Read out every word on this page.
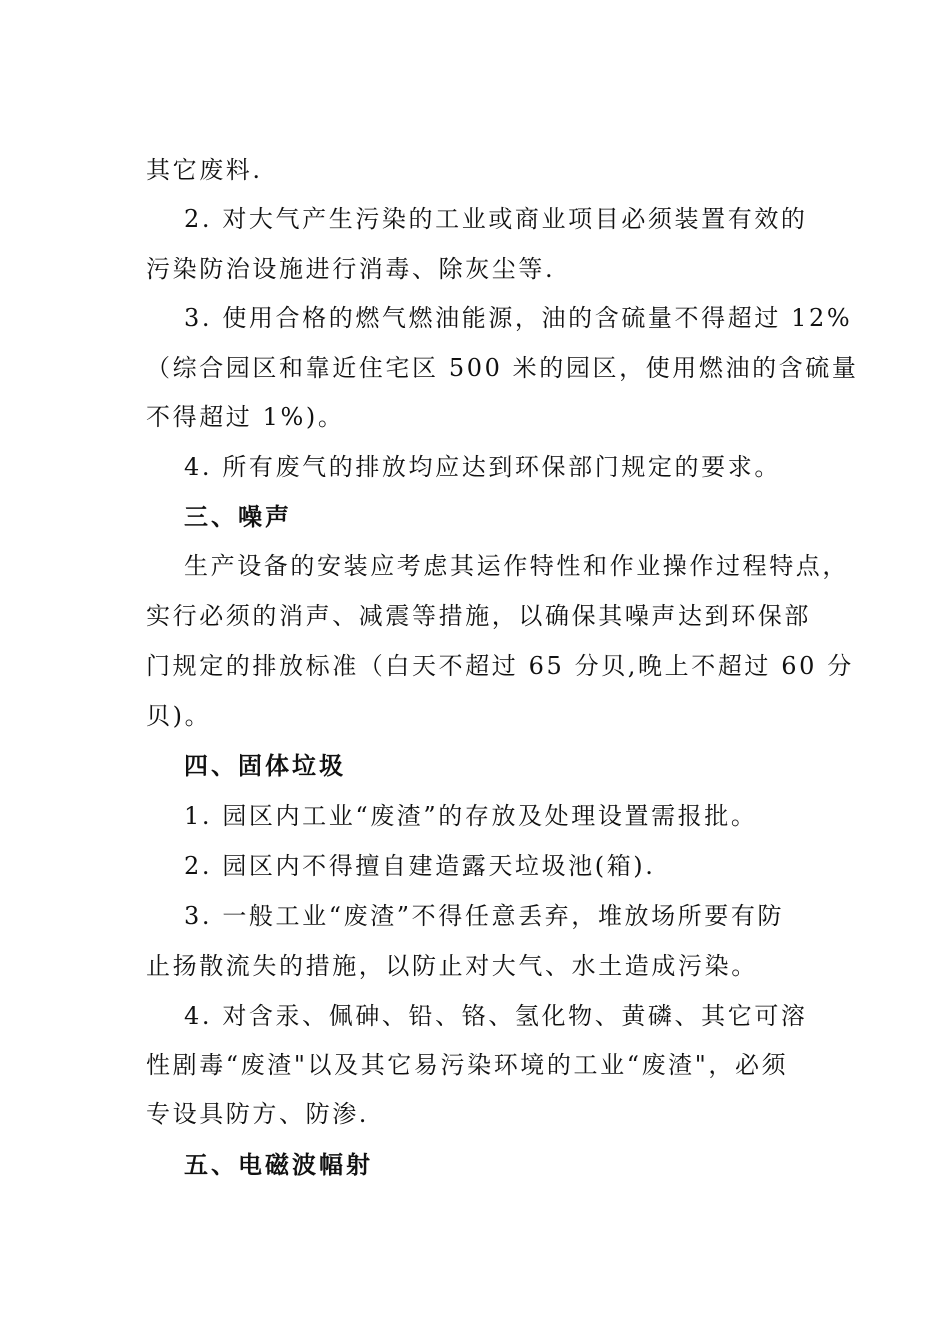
其它废料.
2. 对大气产生污染的工业或商业项目必须装置有效的
污染防治设施进行消毒、除灰尘等.
3. 使用合格的燃气燃油能源，油的含硫量不得超过 12%
（综合园区和靠近住宅区 500 米的园区，使用燃油的含硫量
不得超过 1%)。
4. 所有废气的排放均应达到环保部门规定的要求。
三、噪声
生产设备的安装应考虑其运作特性和作业操作过程特点，
实行必须的消声、减震等措施，以确保其噪声达到环保部
门规定的排放标准（白天不超过 65 分贝,晚上不超过 60 分
贝)。
四、固体垃圾
1. 园区内工业“废渣”的存放及处理设置需报批。
2. 园区内不得擅自建造露天垃圾池(箱).
3. 一般工业“废渣”不得任意丢弃，堆放场所要有防
止扬散流失的措施，以防止对大气、水土造成污染。
4. 对含汞、佩砷、铅、铬、氢化物、黄磷、其它可溶
性剧毒“废渣"以及其它易污染环境的工业“废渣"，必须
专设具防方、防渗.
五、电磁波幅射
